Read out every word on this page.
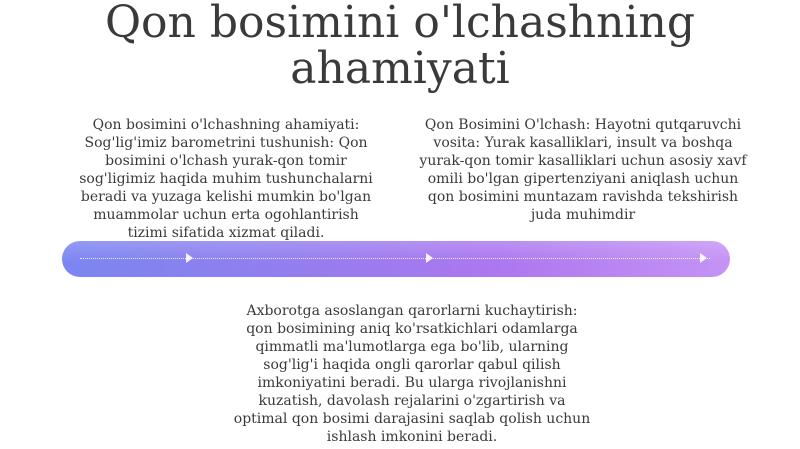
Qon bosimini o'lchashning ahamiyati
Qon bosimini o'lchashning ahamiyati: Sog'lig'imiz barometrini tushunish: Qon bosimini o'lchash yurak-qon tomir sog'ligimiz haqida muhim tushunchalarni beradi va yuzaga kelishi mumkin bo'lgan muammolar uchun erta ogohlantirish tizimi sifatida xizmat qiladi.
Qon Bosimini O'lchash: Hayotni qutqaruvchi vosita: Yurak kasalliklari, insult va boshqa yurak-qon tomir kasalliklari uchun asosiy xavf omili bo'lgan gipertenziyani aniqlash uchun qon bosimini muntazam ravishda tekshirish juda muhimdir
Axborotga asoslangan qarorlarni kuchaytirish: qon bosimining aniq ko'rsatkichlari odamlarga qimmatli ma'lumotlarga ega bo'lib, ularning sog'lig'i haqida ongli qarorlar qabul qilish imkoniyatini beradi. Bu ularga rivojlanishni kuzatish, davolash rejalarini o'zgartirish va optimal qon bosimi darajasini saqlab qolish uchun ishlash imkonini beradi.
